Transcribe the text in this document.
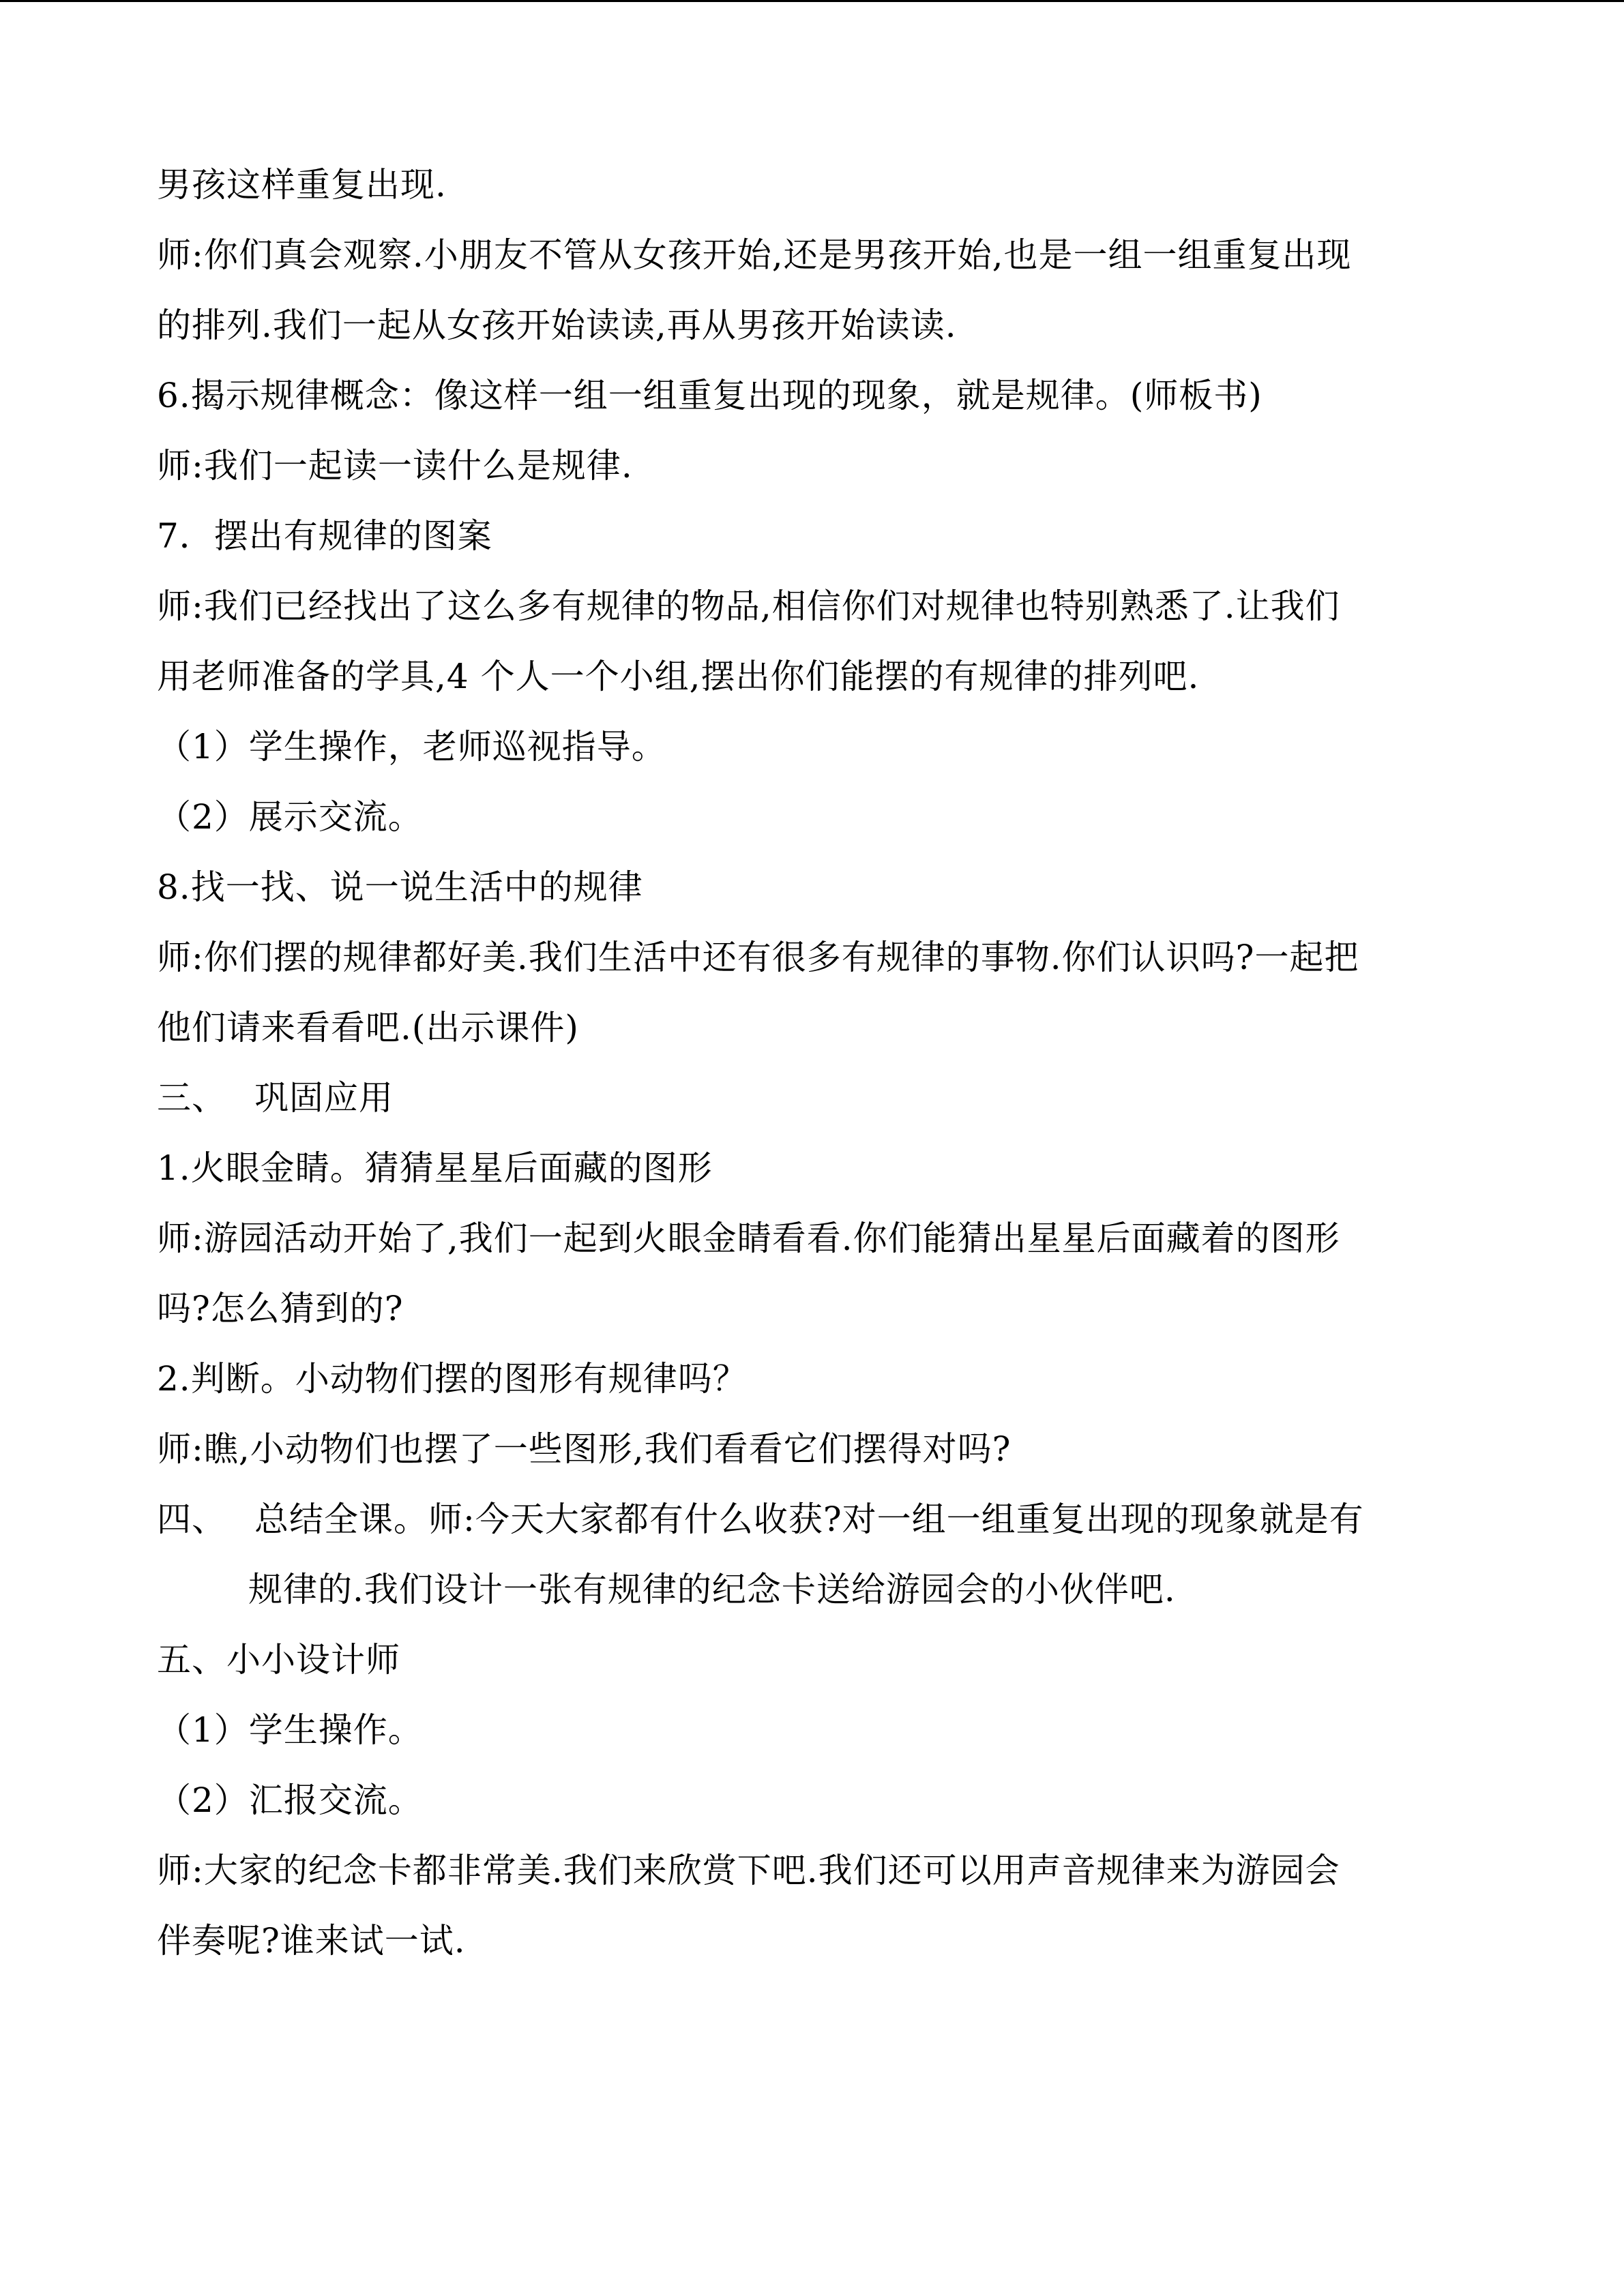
男孩这样重复出现.
师:你们真会观察.小朋友不管从女孩开始,还是男孩开始,也是一组一组重复出现
的排列.我们一起从女孩开始读读,再从男孩开始读读.
6.揭示规律概念：像这样一组一组重复出现的现象，就是规律。(师板书)
师:我们一起读一读什么是规律.
7．摆出有规律的图案
师:我们已经找出了这么多有规律的物品,相信你们对规律也特别熟悉了.让我们
用老师准备的学具,4 个人一个小组,摆出你们能摆的有规律的排列吧.
（1）学生操作，老师巡视指导。
（2）展示交流。
8.找一找、说一说生活中的规律
师:你们摆的规律都好美.我们生活中还有很多有规律的事物.你们认识吗?一起把
他们请来看看吧.(出示课件)
三、 巩固应用
1.火眼金睛。猜猜星星后面藏的图形
师:游园活动开始了,我们一起到火眼金睛看看.你们能猜出星星后面藏着的图形
吗?怎么猜到的?
2.判断。小动物们摆的图形有规律吗？
师:瞧,小动物们也摆了一些图形,我们看看它们摆得对吗?
四、 总结全课。师:今天大家都有什么收获?对一组一组重复出现的现象就是有
规律的.我们设计一张有规律的纪念卡送给游园会的小伙伴吧.
五、小小设计师
（1）学生操作。
（2）汇报交流。
师:大家的纪念卡都非常美.我们来欣赏下吧.我们还可以用声音规律来为游园会
伴奏呢?谁来试一试.
